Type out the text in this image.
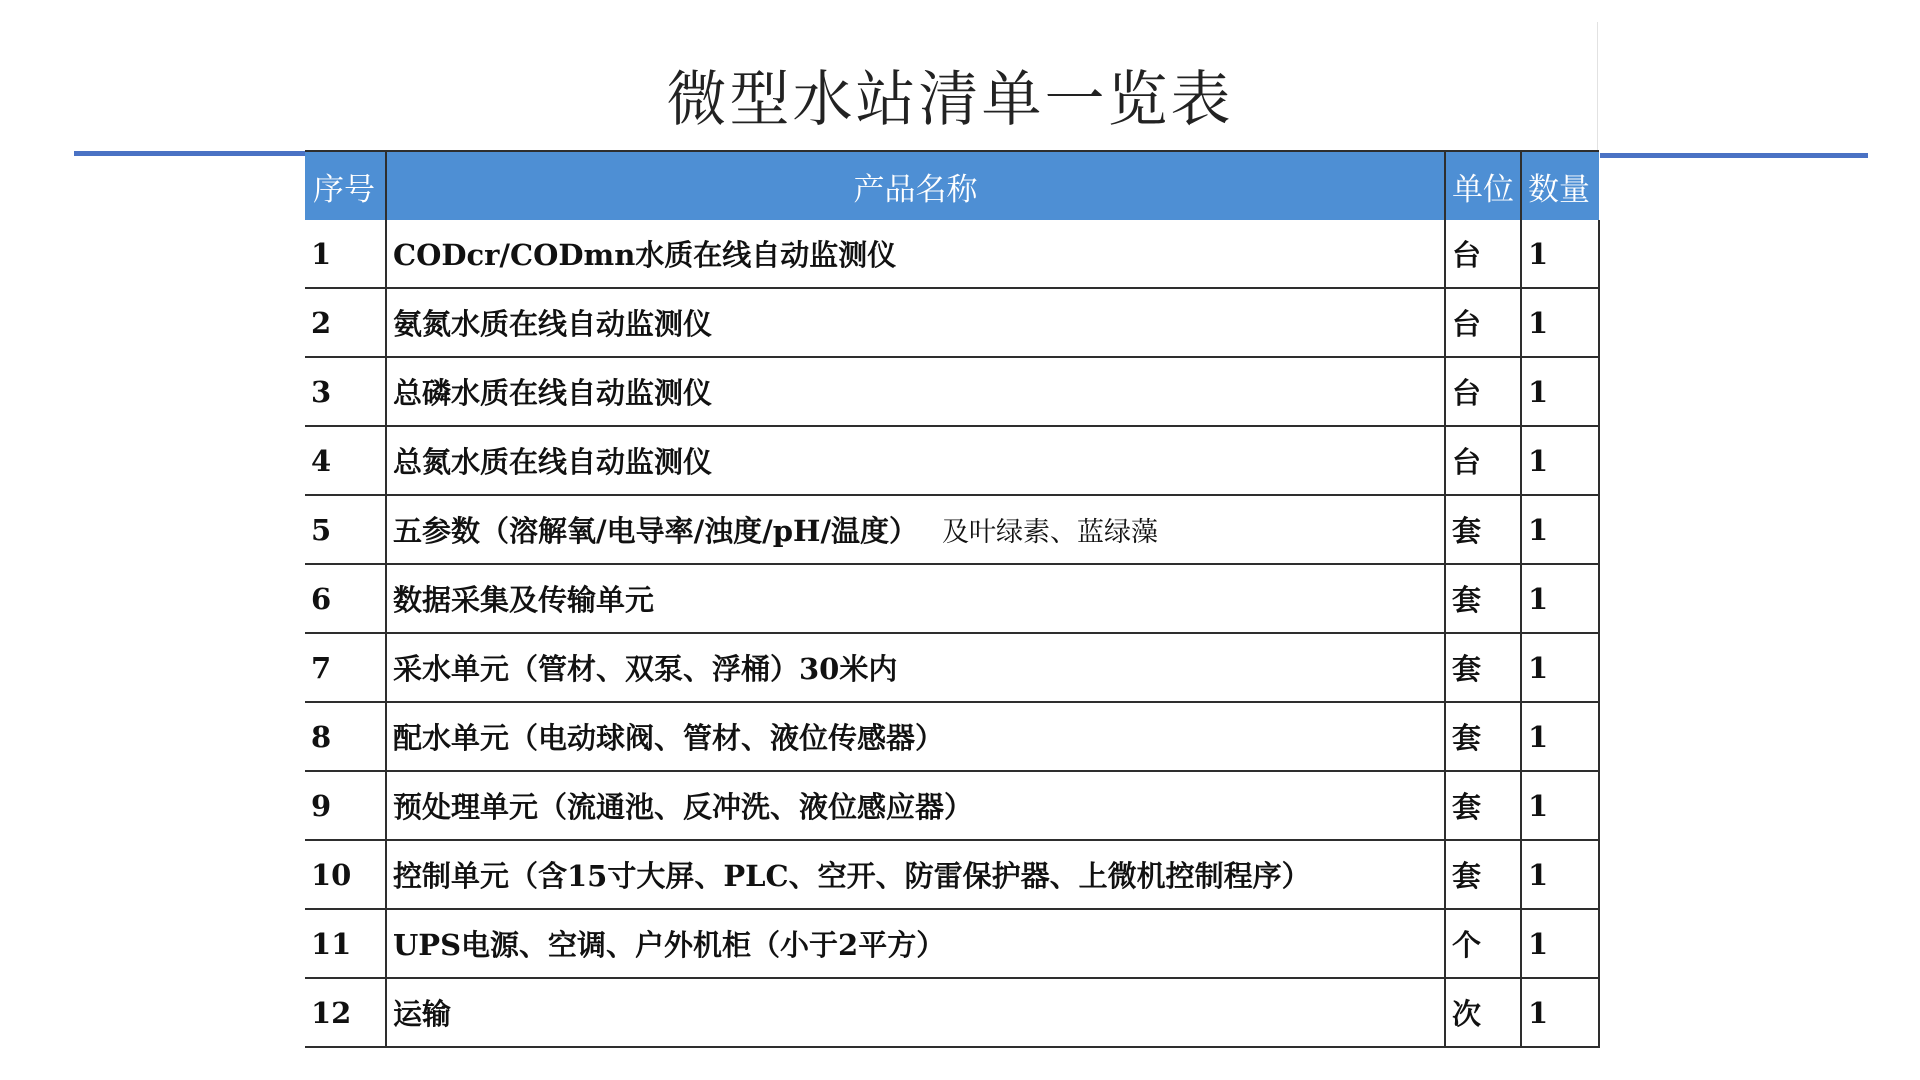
微型水站清单一览表
序号	产品名称	单位	数量
1	CODcr/CODmn水质在线自动监测仪	台	1
2	氨氮水质在线自动监测仪	台	1
3	总磷水质在线自动监测仪	台	1
4	总氮水质在线自动监测仪	台	1
5	五参数（溶解氧/电导率/浊度/pH/温度） 及叶绿素、蓝绿藻	套	1
6	数据采集及传输单元	套	1
7	采水单元（管材、双泵、浮桶）30米内	套	1
8	配水单元（电动球阀、管材、液位传感器）	套	1
9	预处理单元（流通池、反冲洗、液位感应器）	套	1
10	控制单元（含15寸大屏、PLC、空开、防雷保护器、上微机控制程序）	套	1
11	UPS电源、空调、户外机柜（小于2平方）	个	1
12	运输	次	1
